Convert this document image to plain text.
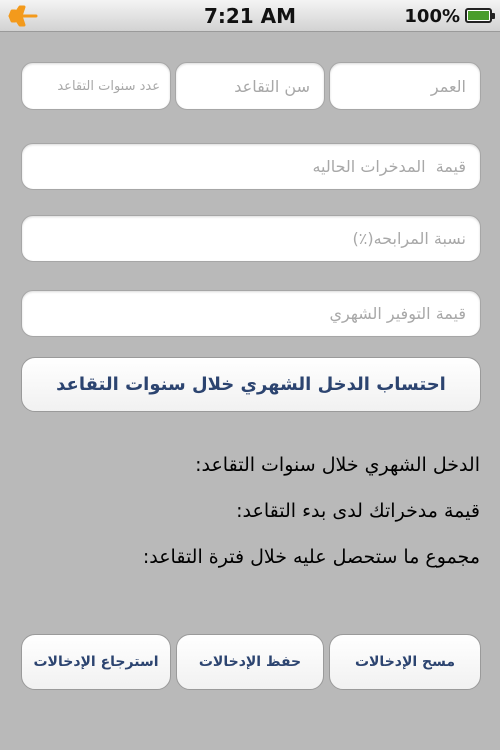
7:21 AM	100%
العمر
سن التقاعد
عدد سنوات التقاعد
قيمة المدخرات الحاليه
نسبة المرابحه(٪)
قيمة التوفير الشهري
احتساب الدخل الشهري خلال سنوات التقاعد
الدخل الشهري خلال سنوات التقاعد:
قيمة مدخراتك لدى بدء التقاعد:
مجموع ما ستحصل عليه خلال فترة التقاعد:
مسح الإدخالات
حفظ الإدخالات
استرجاع الإدخالات
